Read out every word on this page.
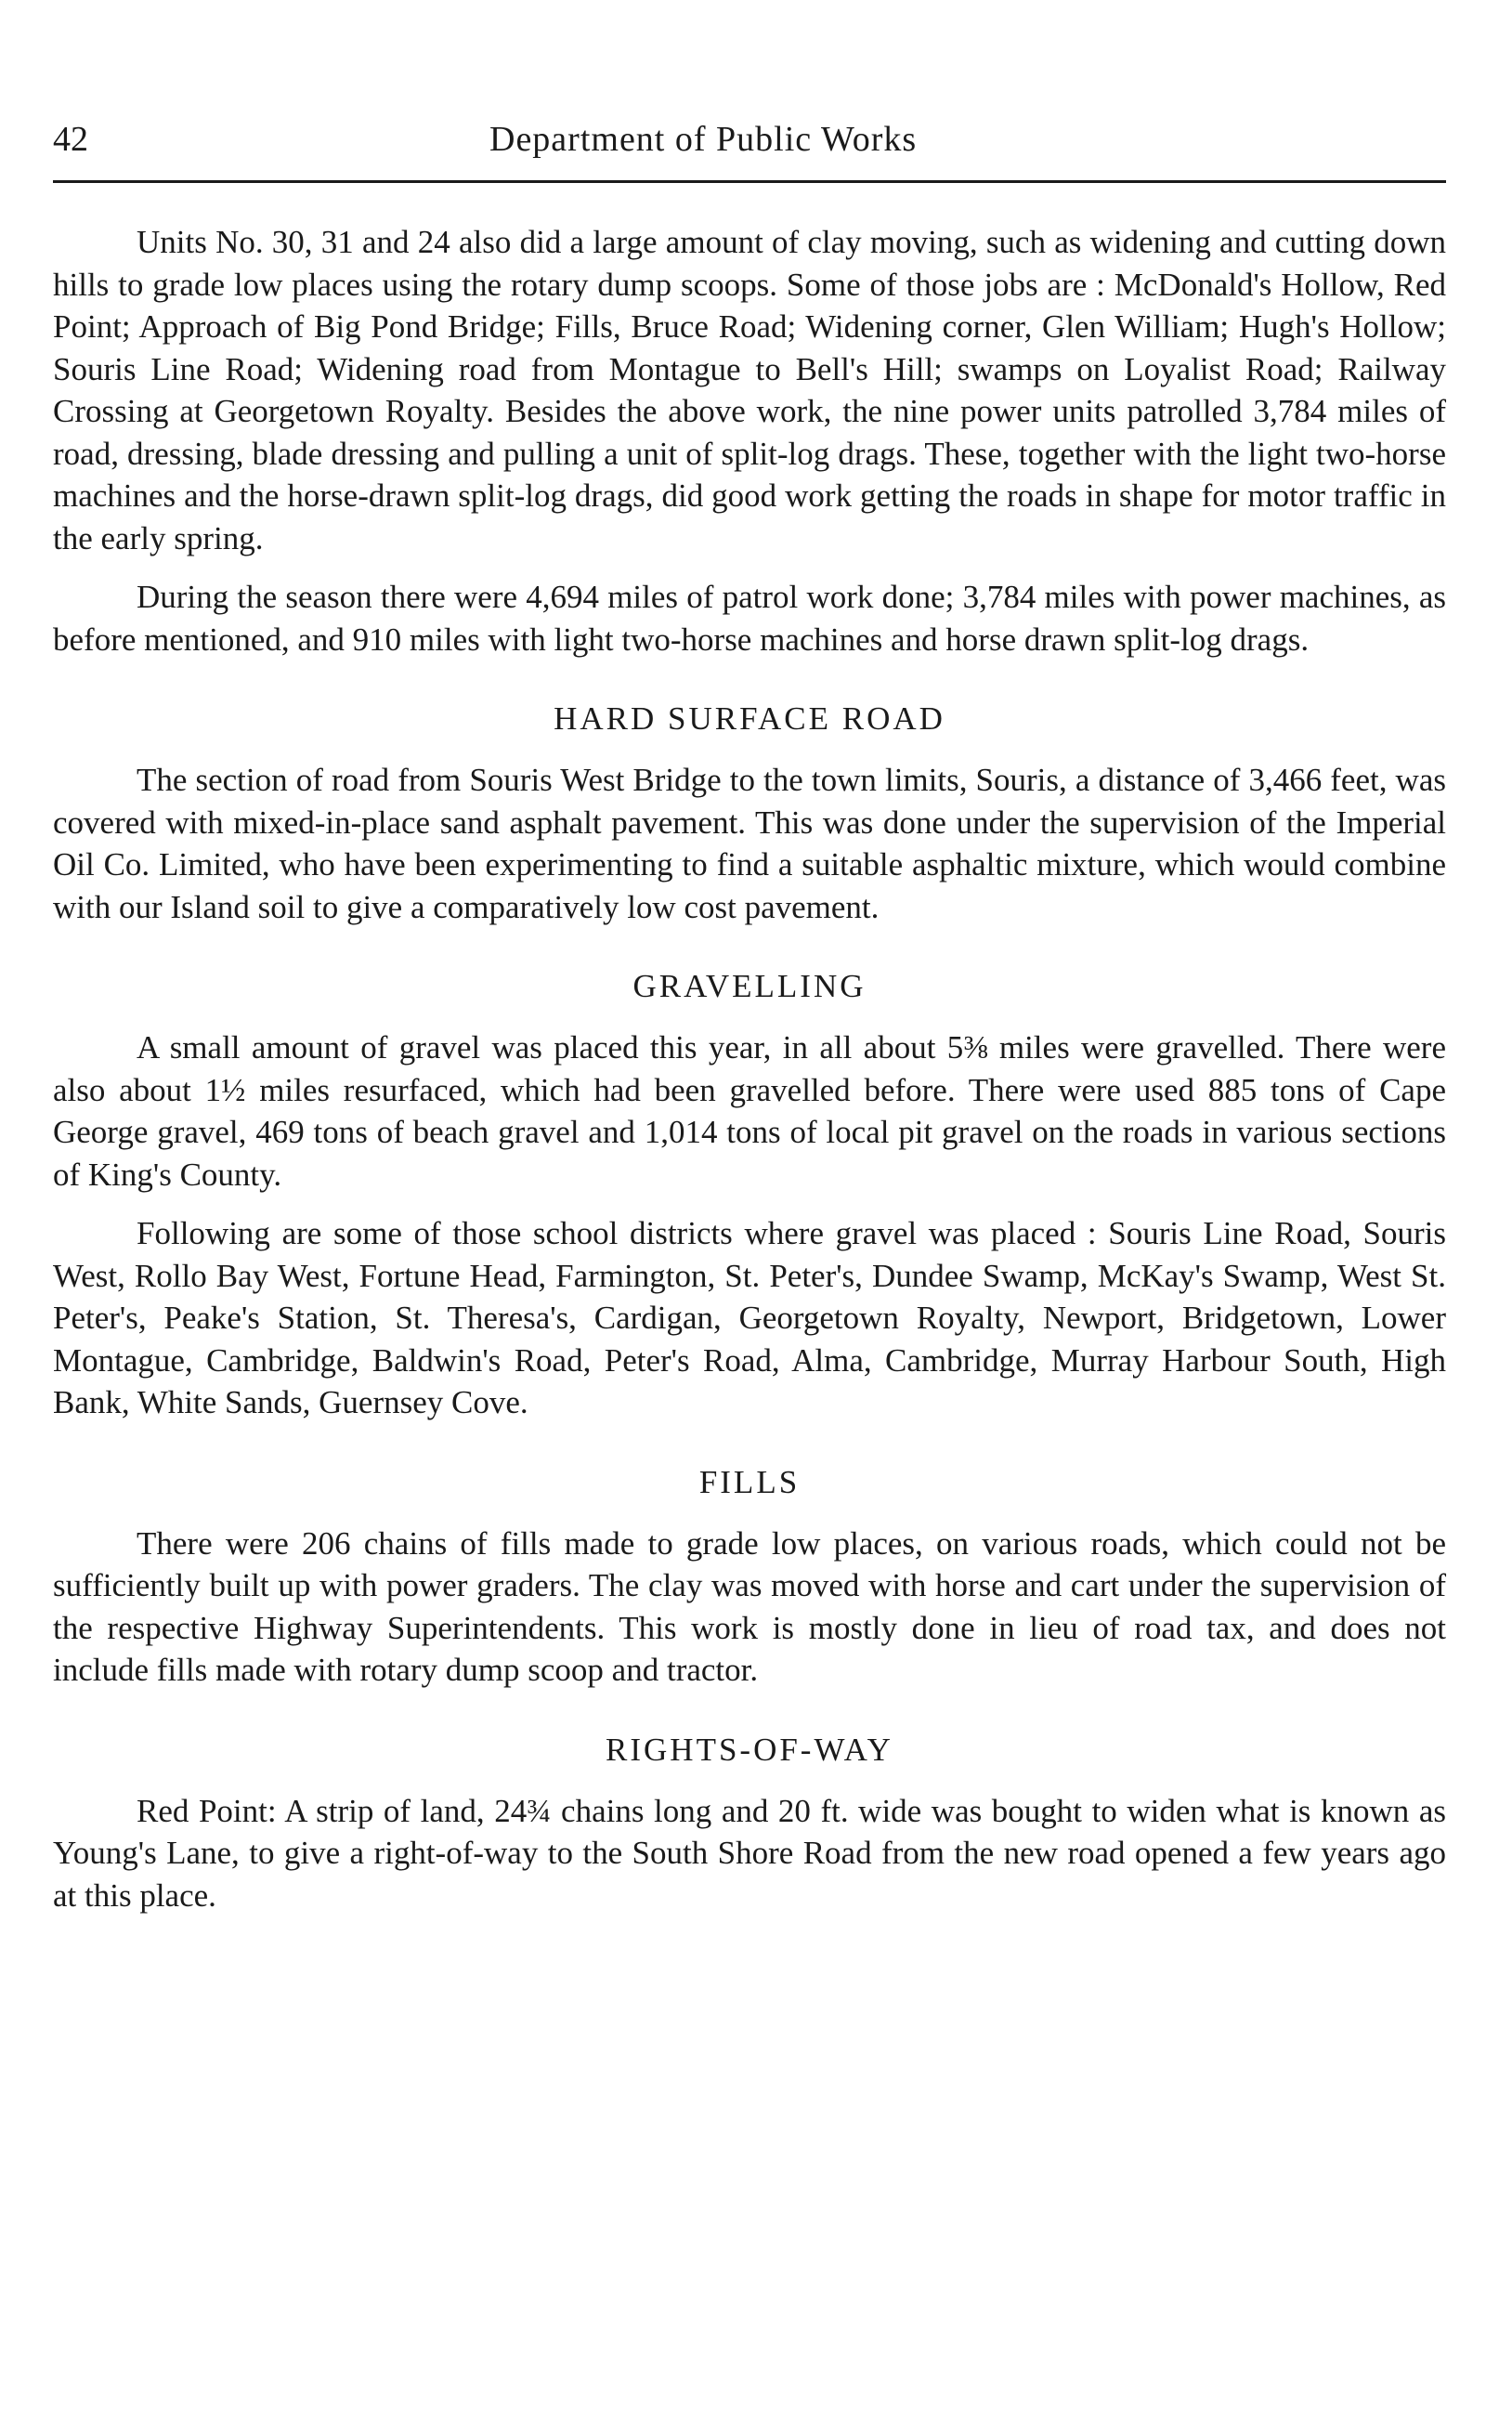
42	Department of Public Works

Units No. 30, 31 and 24 also did a large amount of clay moving, such as widening and cutting down hills to grade low places using the rotary dump scoops. Some of those jobs are : McDonald's Hollow, Red Point; Approach of Big Pond Bridge; Fills, Bruce Road; Widening corner, Glen William; Hugh's Hollow; Souris Line Road; Widening road from Montague to Bell's Hill; swamps on Loyalist Road; Railway Crossing at Georgetown Royalty. Besides the above work, the nine power units patrolled 3,784 miles of road, dressing, blade dressing and pulling a unit of split-log drags. These, together with the light two-horse machines and the horse-drawn split-log drags, did good work getting the roads in shape for motor traffic in the early spring.

During the season there were 4,694 miles of patrol work done; 3,784 miles with power machines, as before mentioned, and 910 miles with light two-horse machines and horse drawn split-log drags.

HARD SURFACE ROAD

The section of road from Souris West Bridge to the town limits, Souris, a distance of 3,466 feet, was covered with mixed-in-place sand asphalt pavement. This was done under the supervision of the Imperial Oil Co. Limited, who have been experimenting to find a suitable asphaltic mixture, which would combine with our Island soil to give a comparatively low cost pavement.

GRAVELLING

A small amount of gravel was placed this year, in all about 5⅜ miles were gravelled. There were also about 1½ miles resurfaced, which had been gravelled before. There were used 885 tons of Cape George gravel, 469 tons of beach gravel and 1,014 tons of local pit gravel on the roads in various sections of King's County.

Following are some of those school districts where gravel was placed : Souris Line Road, Souris West, Rollo Bay West, Fortune Head, Farmington, St. Peter's, Dundee Swamp, McKay's Swamp, West St. Peter's, Peake's Station, St. Theresa's, Cardigan, Georgetown Royalty, Newport, Bridgetown, Lower Montague, Cambridge, Baldwin's Road, Peter's Road, Alma, Cambridge, Murray Harbour South, High Bank, White Sands, Guernsey Cove.

FILLS

There were 206 chains of fills made to grade low places, on various roads, which could not be sufficiently built up with power graders. The clay was moved with horse and cart under the supervision of the respective Highway Superintendents. This work is mostly done in lieu of road tax, and does not include fills made with rotary dump scoop and tractor.

RIGHTS-OF-WAY

Red Point: A strip of land, 24¾ chains long and 20 ft. wide was bought to widen what is known as Young's Lane, to give a right-of-way to the South Shore Road from the new road opened a few years ago at this place.
